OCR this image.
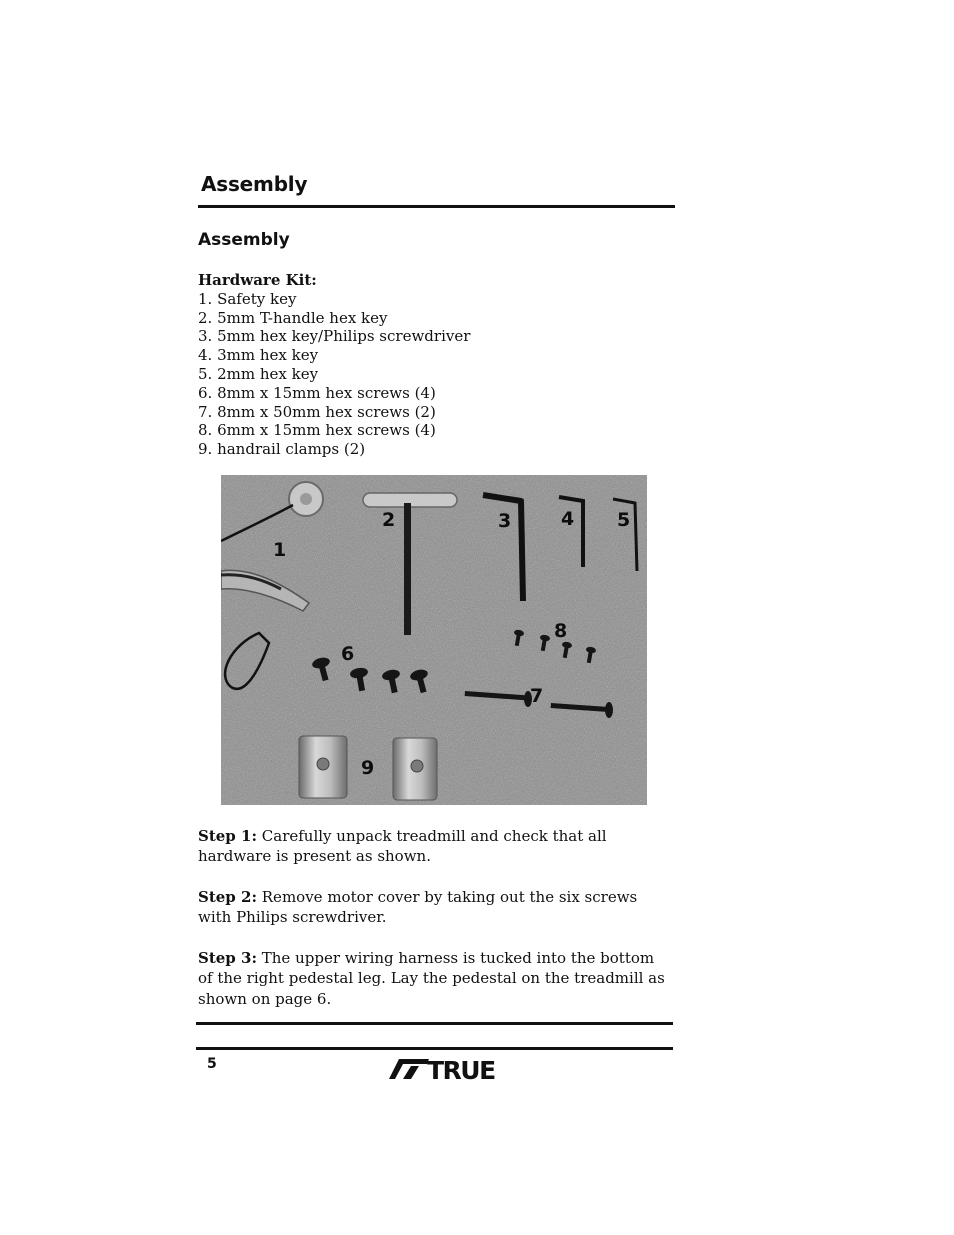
Assembly
Assembly
Hardware Kit:
1. Safety key
2. 5mm T-handle hex key
3. 5mm hex key/Philips screwdriver
4. 3mm hex key
5. 2mm hex key
6. 8mm x 15mm hex screws (4)
7. 8mm x 50mm hex screws (2)
8. 6mm x 15mm hex screws (4)
9. handrail clamps (2)
1
2	3	4 5
6
7
8
9
Step 1: Carefully unpack treadmill and check that all hardware is present as shown.
Step 2: Remove motor cover by taking out the six screws with Philips screwdriver.
Step 3: The upper wiring harness is tucked into the bottom of the right pedestal leg. Lay the pedestal on the treadmill as shown on page 6.
5	TRUE
